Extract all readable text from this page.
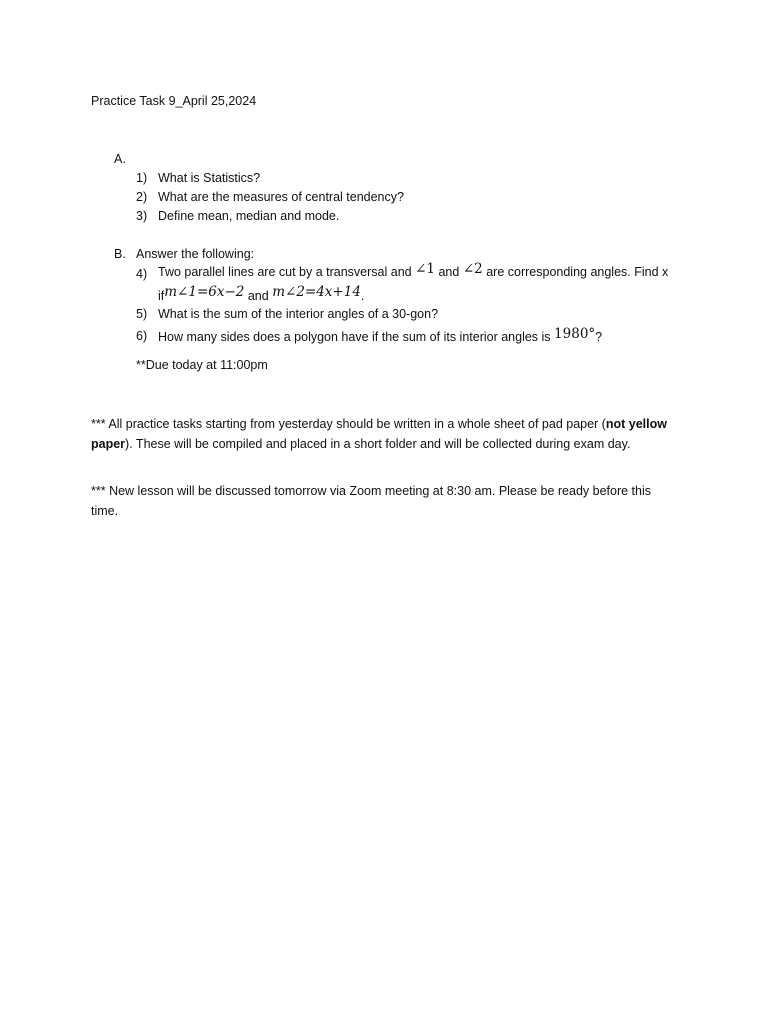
Practice Task 9_April 25,2024
A.
1) What is Statistics?
2) What are the measures of central tendency?
3) Define mean, median and mode.
B. Answer the following:
4) Two parallel lines are cut by a transversal and ∠1 and ∠2 are corresponding angles. Find x
ifm∠1=6x−2 and m∠2=4x+14.
5) What is the sum of the interior angles of a 30-gon?
6) How many sides does a polygon have if the sum of its interior angles is 1980°?
**Due today at 11:00pm
*** All practice tasks starting from yesterday should be written in a whole sheet of pad paper (not yellow paper). These will be compiled and placed in a short folder and will be collected during exam day.
*** New lesson will be discussed tomorrow via Zoom meeting at 8:30 am. Please be ready before this time.
